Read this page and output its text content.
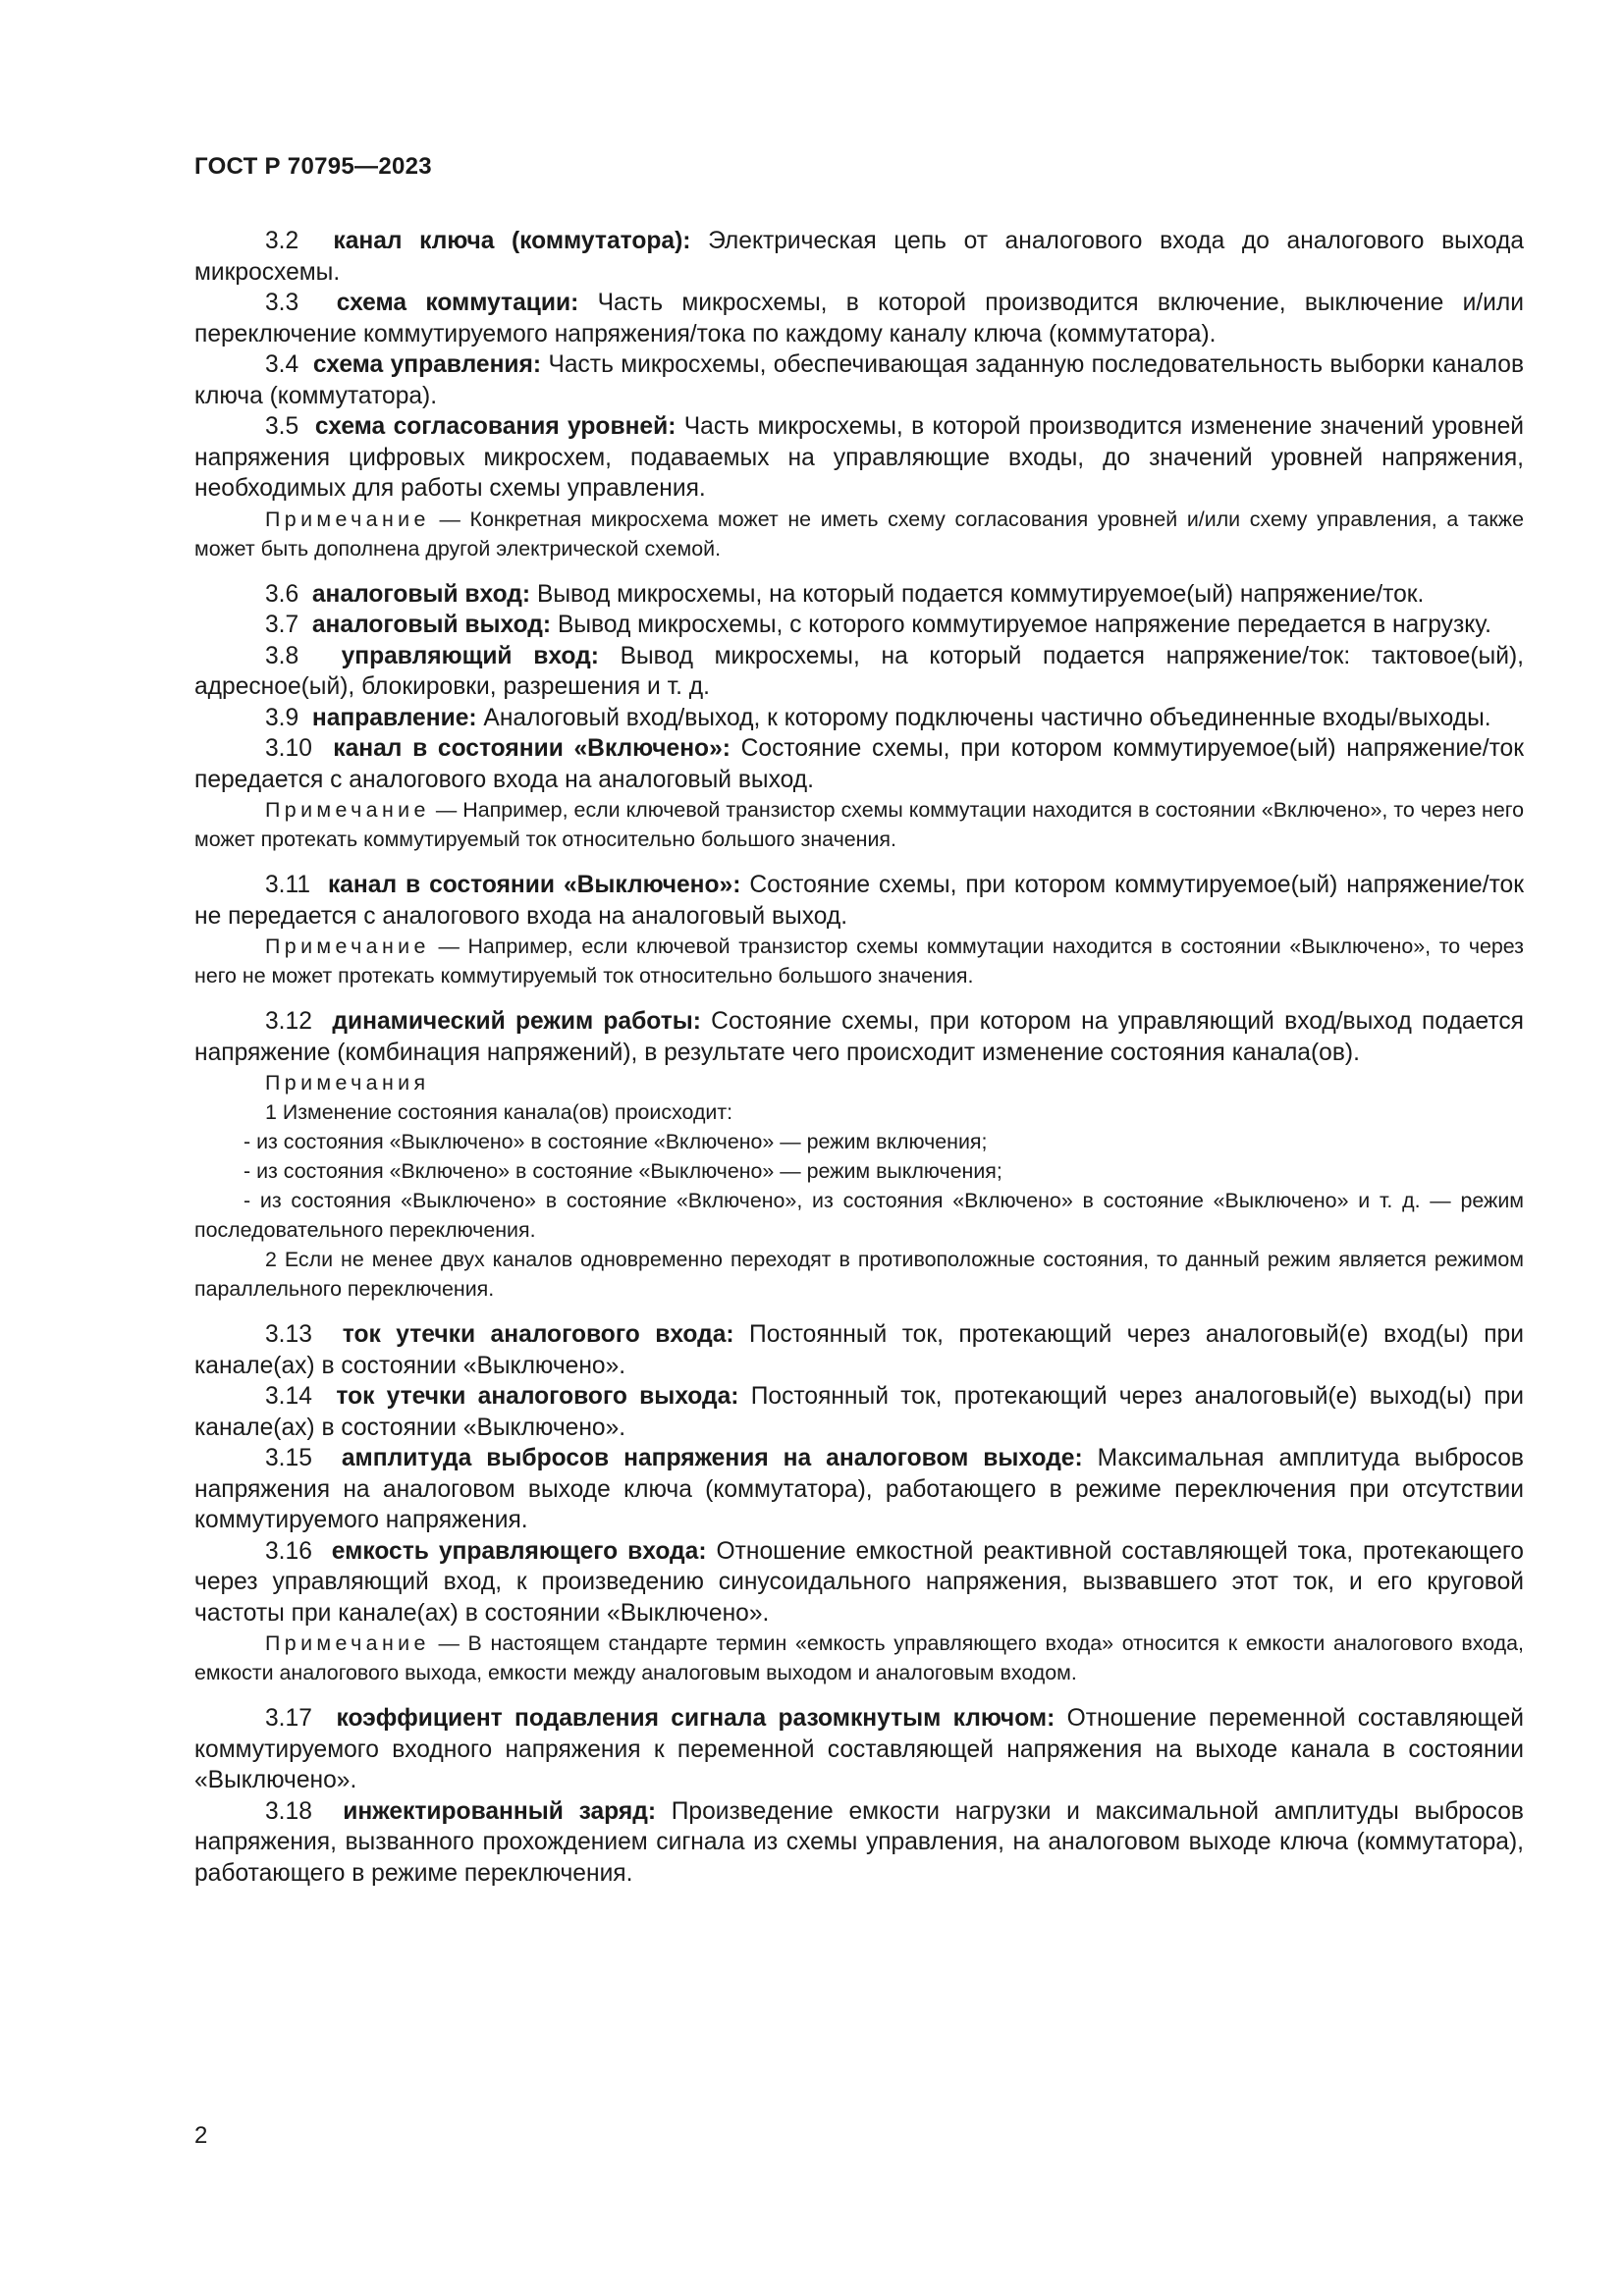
ГОСТ Р 70795—2023

3.2 канал ключа (коммутатора): Электрическая цепь от аналогового входа до аналогового выхода микросхемы.

3.3 схема коммутации: Часть микросхемы, в которой производится включение, выключение и/или переключение коммутируемого напряжения/тока по каждому каналу ключа (коммутатора).

3.4 схема управления: Часть микросхемы, обеспечивающая заданную последовательность выборки каналов ключа (коммутатора).

3.5 схема согласования уровней: Часть микросхемы, в которой производится изменение значений уровней напряжения цифровых микросхем, подаваемых на управляющие входы, до значений уровней напряжения, необходимых для работы схемы управления.

Примечание — Конкретная микросхема может не иметь схему согласования уровней и/или схему управления, а также может быть дополнена другой электрической схемой.

3.6 аналоговый вход: Вывод микросхемы, на который подается коммутируемое(ый) напряжение/ток.

3.7 аналоговый выход: Вывод микросхемы, с которого коммутируемое напряжение передается в нагрузку.

3.8 управляющий вход: Вывод микросхемы, на который подается напряжение/ток: тактовое(ый), адресное(ый), блокировки, разрешения и т. д.

3.9 направление: Аналоговый вход/выход, к которому подключены частично объединенные входы/выходы.

3.10 канал в состоянии «Включено»: Состояние схемы, при котором коммутируемое(ый) напряжение/ток передается с аналогового входа на аналоговый выход.

Примечание — Например, если ключевой транзистор схемы коммутации находится в состоянии «Включено», то через него может протекать коммутируемый ток относительно большого значения.

3.11 канал в состоянии «Выключено»: Состояние схемы, при котором коммутируемое(ый) напряжение/ток не передается с аналогового входа на аналоговый выход.

Примечание — Например, если ключевой транзистор схемы коммутации находится в состоянии «Выключено», то через него не может протекать коммутируемый ток относительно большого значения.

3.12 динамический режим работы: Состояние схемы, при котором на управляющий вход/выход подается напряжение (комбинация напряжений), в результате чего происходит изменение состояния канала(ов).

Примечания

1 Изменение состояния канала(ов) происходит:

- из состояния «Выключено» в состояние «Включено» — режим включения;

- из состояния «Включено» в состояние «Выключено» — режим выключения;

- из состояния «Выключено» в состояние «Включено», из состояния «Включено» в состояние «Выключено» и т. д. — режим последовательного переключения.

2 Если не менее двух каналов одновременно переходят в противоположные состояния, то данный режим является режимом параллельного переключения.

3.13 ток утечки аналогового входа: Постоянный ток, протекающий через аналоговый(е) вход(ы) при канале(ах) в состоянии «Выключено».

3.14 ток утечки аналогового выхода: Постоянный ток, протекающий через аналоговый(е) выход(ы) при канале(ах) в состоянии «Выключено».

3.15 амплитуда выбросов напряжения на аналоговом выходе: Максимальная амплитуда выбросов напряжения на аналоговом выходе ключа (коммутатора), работающего в режиме переключения при отсутствии коммутируемого напряжения.

3.16 емкость управляющего входа: Отношение емкостной реактивной составляющей тока, протекающего через управляющий вход, к произведению синусоидального напряжения, вызвавшего этот ток, и его круговой частоты при канале(ах) в состоянии «Выключено».

Примечание — В настоящем стандарте термин «емкость управляющего входа» относится к емкости аналогового входа, емкости аналогового выхода, емкости между аналоговым выходом и аналоговым входом.

3.17 коэффициент подавления сигнала разомкнутым ключом: Отношение переменной составляющей коммутируемого входного напряжения к переменной составляющей напряжения на выходе канала в состоянии «Выключено».

3.18 инжектированный заряд: Произведение емкости нагрузки и максимальной амплитуды выбросов напряжения, вызванного прохождением сигнала из схемы управления, на аналоговом выходе ключа (коммутатора), работающего в режиме переключения.

2
